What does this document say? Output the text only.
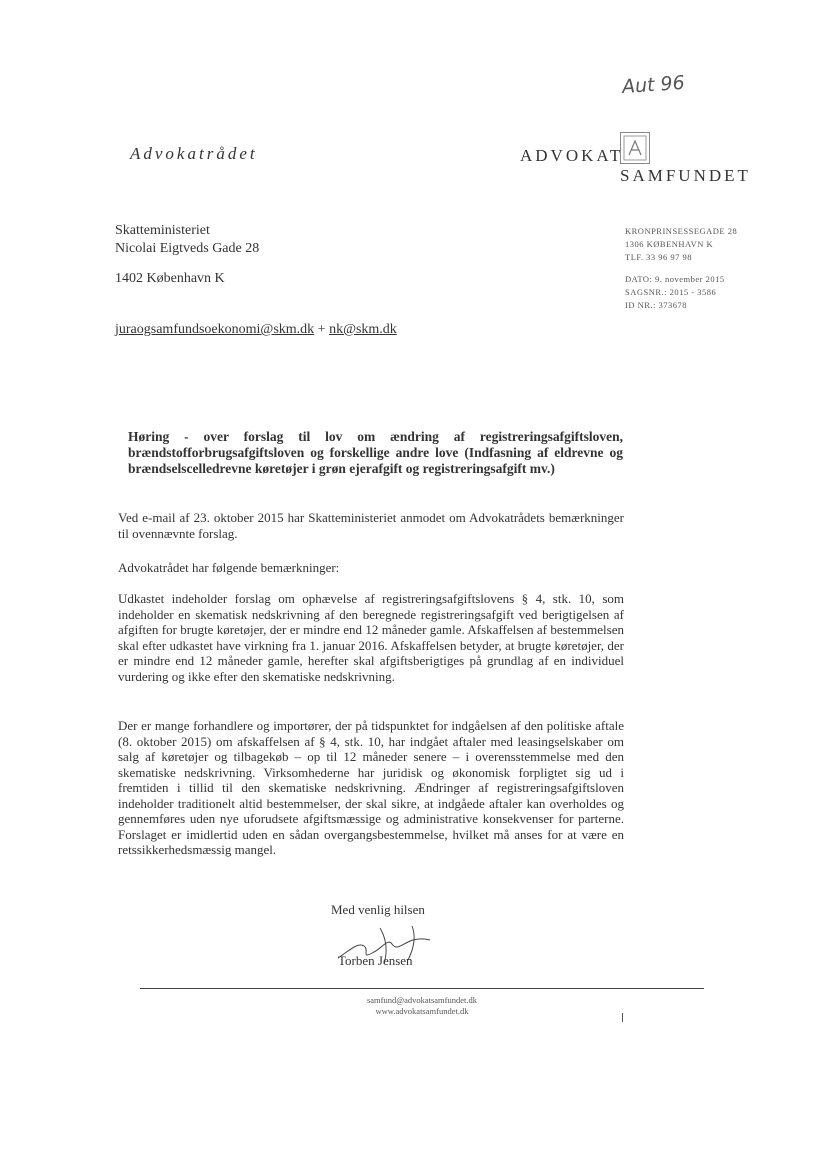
Aut 96
Advokatrådet	ADVOKAT
SAMFUNDET
Skatteministeriet
Nicolai Eigtveds Gade 28
1402 København K
juraogsamfundsoekonomi@skm.dk + nk@skm.dk
KRONPRINSESSEGADE 28
1306 KØBENHAVN K
TLF. 33 96 97 98
DATO: 9. november 2015
SAGSNR.: 2015 - 3586
ID NR.: 373678
Høring - over forslag til lov om ændring af registreringsafgiftsloven, brændstofforbrugsafgiftsloven og forskellige andre love (Indfasning af eldrevne og brændselscelledrevne køretøjer i grøn ejerafgift og registreringsafgift mv.)
Ved e-mail af 23. oktober 2015 har Skatteministeriet anmodet om Advokatrådets bemærkninger til ovennævnte forslag.
Advokatrådet har følgende bemærkninger:
Udkastet indeholder forslag om ophævelse af registreringsafgiftslovens § 4, stk. 10, som indeholder en skematisk nedskrivning af den beregnede registreringsafgift ved berigtigelsen af afgiften for brugte køretøjer, der er mindre end 12 måneder gamle. Afskaffelsen af bestemmelsen skal efter udkastet have virkning fra 1. januar 2016. Afskaffelsen betyder, at brugte køretøjer, der er mindre end 12 måneder gamle, herefter skal afgiftsberigtiges på grundlag af en individuel vurdering og ikke efter den skematiske nedskrivning.
Der er mange forhandlere og importører, der på tidspunktet for indgåelsen af den politiske aftale (8. oktober 2015) om afskaffelsen af § 4, stk. 10, har indgået aftaler med leasingselskaber om salg af køretøjer og tilbagekøb – op til 12 måneder senere – i overensstemmelse med den skematiske nedskrivning. Virksomhederne har juridisk og økonomisk forpligtet sig ud i fremtiden i tillid til den skematiske nedskrivning. Ændringer af registreringsafgiftsloven indeholder traditionelt altid bestemmelser, der skal sikre, at indgåede aftaler kan overholdes og gennemføres uden nye uforudsete afgiftsmæssige og administrative konsekvenser for parterne. Forslaget er imidlertid uden en sådan overgangsbestemmelse, hvilket må anses for at være en retssikkerhedsmæssig mangel.
Med venlig hilsen
Torben Jensen
samfund@advokatsamfundet.dk
www.advokatsamfundet.dk
